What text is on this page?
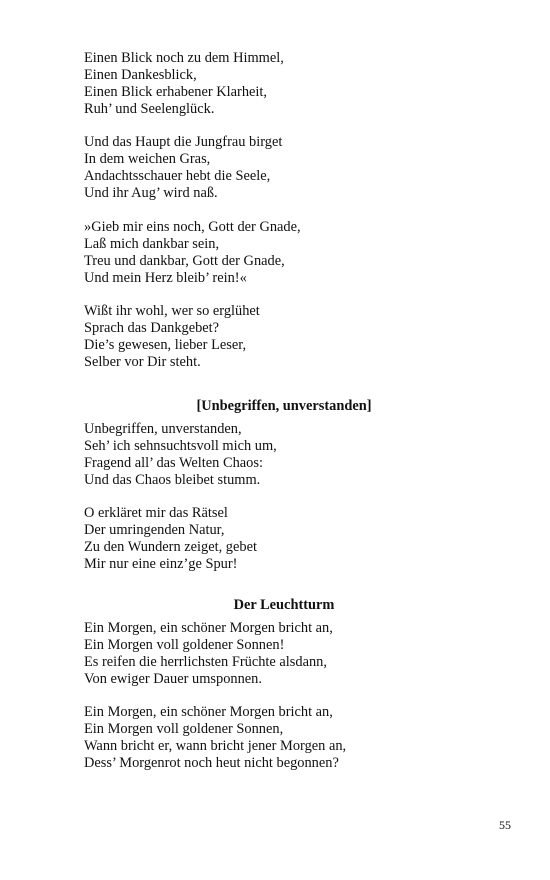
Einen Blick noch zu dem Himmel,

Einen Dankesblick,

Einen Blick erhabener Klarheit,

Ruh’ und Seelenglück.

Und das Haupt die Jungfrau birget

In dem weichen Gras,

Andachtsschauer hebt die Seele,

Und ihr Aug’ wird naß.

»Gieb mir eins noch, Gott der Gnade,

Laß mich dankbar sein,

Treu und dankbar, Gott der Gnade,

Und mein Herz bleib’ rein!«

Wißt ihr wohl, wer so erglühet

Sprach das Dankgebet?

Die’s gewesen, lieber Leser,

Selber vor Dir steht.

[Unbegriffen, unverstanden]

Unbegriffen, unverstanden,

Seh’ ich sehnsuchtsvoll mich um,

Fragend all’ das Welten Chaos:

Und das Chaos bleibet stumm.

O erkläret mir das Rätsel

Der umringenden Natur,

Zu den Wundern zeiget, gebet

Mir nur eine einz’ge Spur!

Der Leuchtturm

Ein Morgen, ein schöner Morgen bricht an,

Ein Morgen voll goldener Sonnen!

Es reifen die herrlichsten Früchte alsdann,

Von ewiger Dauer umsponnen.

Ein Morgen, ein schöner Morgen bricht an,

Ein Morgen voll goldener Sonnen,

Wann bricht er, wann bricht jener Morgen an,

Dess’ Morgenrot noch heut nicht begonnen?

55
